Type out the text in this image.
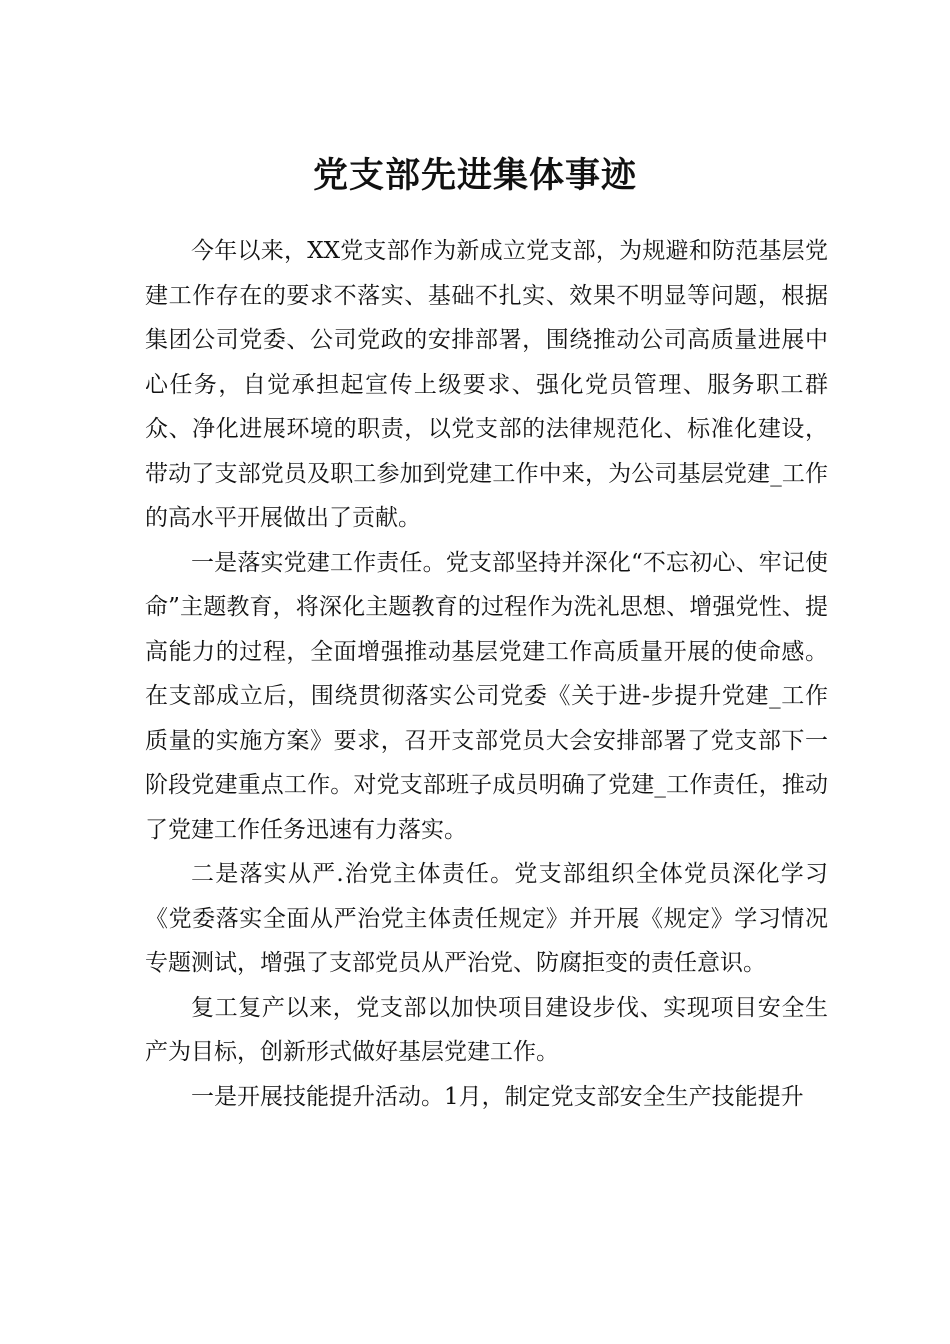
党支部先进集体事迹

今年以来，XX党支部作为新成立党支部，为规避和防范基层党建工作存在的要求不落实、基础不扎实、效果不明显等问题，根据集团公司党委、公司党政的安排部署，围绕推动公司高质量进展中心任务，自觉承担起宣传上级要求、强化党员管理、服务职工群众、净化进展环境的职责，以党支部的法律规范化、标准化建设，带动了支部党员及职工参加到党建工作中来，为公司基层党建_工作的高水平开展做出了贡献。

一是落实党建工作责任。党支部坚持并深化“不忘初心、牢记使命”主题教育，将深化主题教育的过程作为洗礼思想、增强党性、提高能力的过程，全面增强推动基层党建工作高质量开展的使命感。在支部成立后，围绕贯彻落实公司党委《关于进-步提升党建_工作质量的实施方案》要求，召开支部党员大会安排部署了党支部下一阶段党建重点工作。对党支部班子成员明确了党建_工作责任，推动了党建工作任务迅速有力落实。

二是落实从严.治党主体责任。党支部组织全体党员深化学习《党委落实全面从严治党主体责任规定》并开展《规定》学习情况专题测试，增强了支部党员从严治党、防腐拒变的责任意识。

复工复产以来，党支部以加快项目建设步伐、实现项目安全生产为目标，创新形式做好基层党建工作。

一是开展技能提升活动。1月，制定党支部安全生产技能提升
